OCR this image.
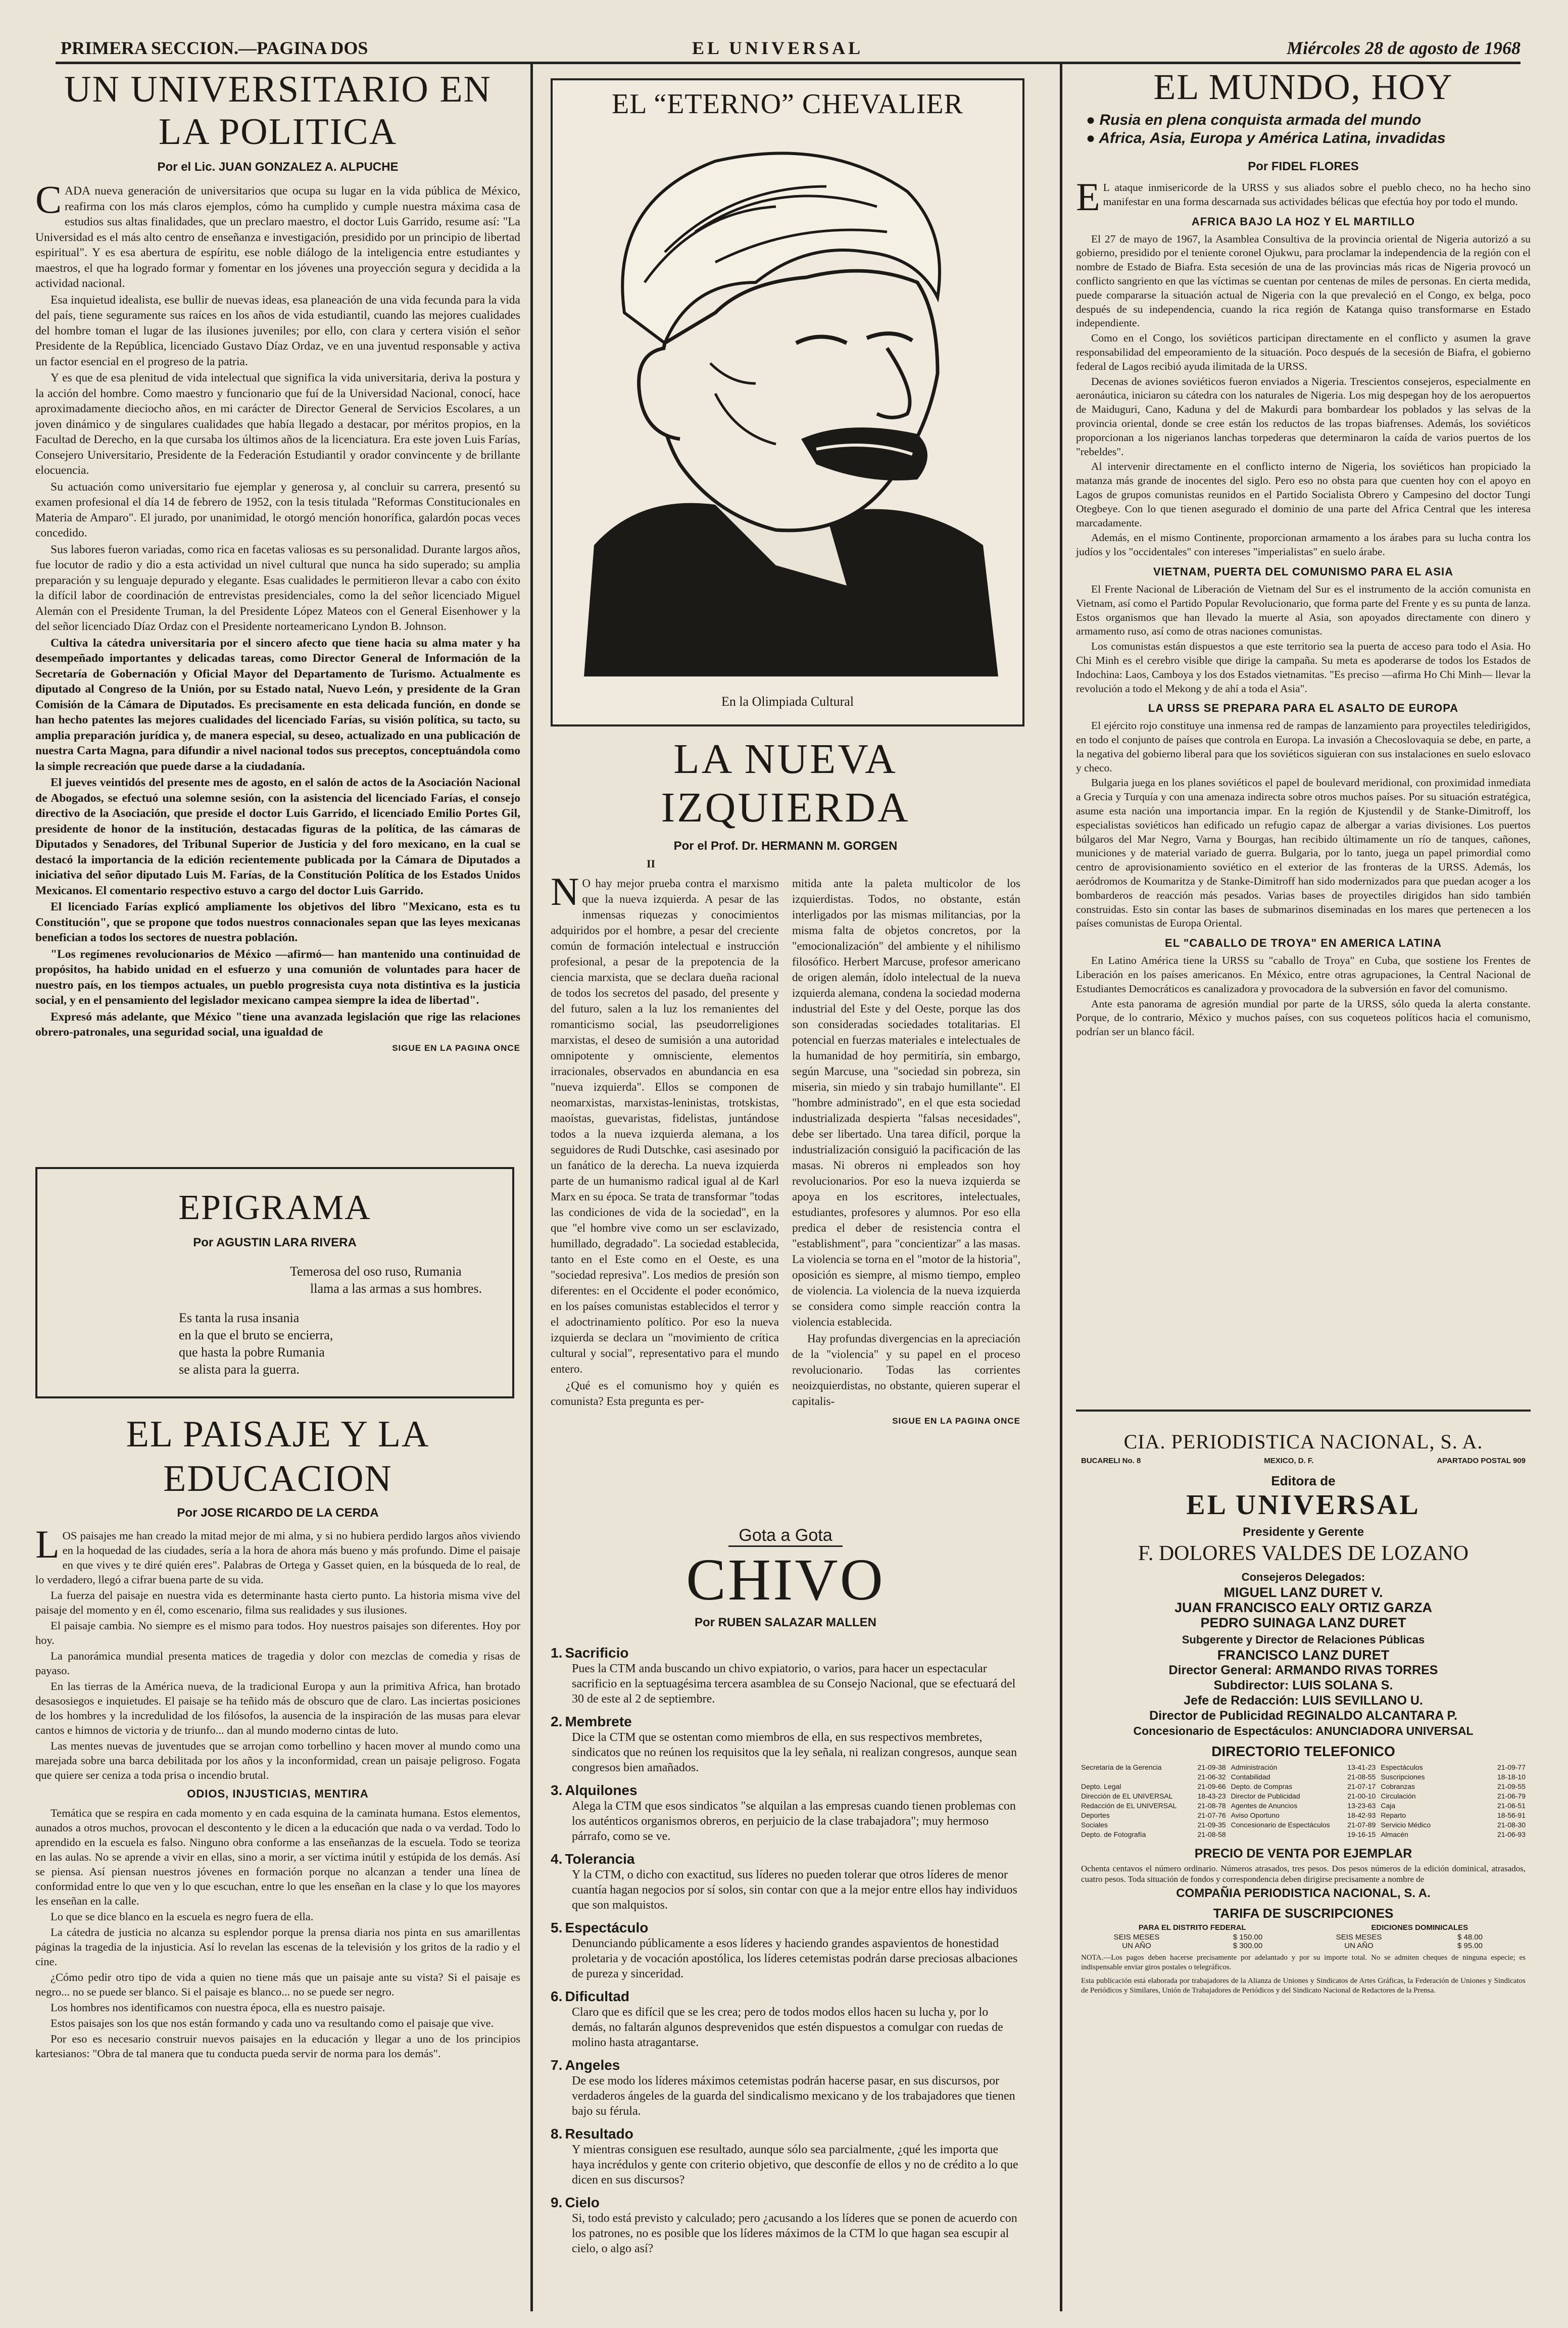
PRIMERA SECCION.—PAGINA DOS	EL UNIVERSAL	Miércoles 28 de agosto de 1968
UN UNIVERSITARIO EN LA POLITICA
Por el Lic. JUAN GONZALEZ A. ALPUCHE

CADA nueva generación de universitarios que ocupa su lugar en la vida pública de México, reafirma con los más claros ejemplos, cómo ha cumplido y cumple nuestra máxima casa de estudios sus altas finalidades, que un preclaro maestro, el doctor Luis Garrido, resume así: "La Universidad es el más alto centro de enseñanza e investigación, presidido por un principio de libertad espiritual". Y es esa abertura de espíritu, ese noble diálogo de la inteligencia entre estudiantes y maestros, el que ha logrado formar y fomentar en los jóvenes una proyección segura y decidida a la actividad nacional.

Esa inquietud idealista, ese bullir de nuevas ideas, esa planeación de una vida fecunda para la vida del país, tiene seguramente sus raíces en los años de vida estudiantil, cuando las mejores cualidades del hombre toman el lugar de las ilusiones juveniles; por ello, con clara y certera visión el señor Presidente de la República, licenciado Gustavo Díaz Ordaz, ve en una juventud responsable y activa un factor esencial en el progreso de la patria.

Y es que de esa plenitud de vida intelectual que significa la vida universitaria, deriva la postura y la acción del hombre. Como maestro y funcionario que fuí de la Universidad Nacional, conocí, hace aproximadamente dieciocho años, en mi carácter de Director General de Servicios Escolares, a un joven dinámico y de singulares cualidades que había llegado a destacar, por méritos propios, en la Facultad de Derecho, en la que cursaba los últimos años de la licenciatura. Era este joven Luis Farías, Consejero Universitario, Presidente de la Federación Estudiantil y orador convincente y de brillante elocuencia.

Su actuación como universitario fue ejemplar y generosa y, al concluir su carrera, presentó su examen profesional el día 14 de febrero de 1952, con la tesis titulada "Reformas Constitucionales en Materia de Amparo". El jurado, por unanimidad, le otorgó mención honorífica, galardón pocas veces concedido.

Sus labores fueron variadas, como rica en facetas valiosas es su personalidad. Durante largos años, fue locutor de radio y dio a esta actividad un nivel cultural que nunca ha sido superado; su amplia preparación y su lenguaje depurado y elegante. Esas cualidades le permitieron llevar a cabo con éxito la difícil labor de coordinación de entrevistas presidenciales, como la del señor licenciado Miguel Alemán con el Presidente Truman, la del Presidente López Mateos con el General Eisenhower y la del señor licenciado Díaz Ordaz con el Presidente norteamericano Lyndon B. Johnson.

Cultiva la cátedra universitaria por el sincero afecto que tiene hacia su alma mater y ha desempeñado importantes y delicadas tareas, como Director General de Información de la Secretaría de Gobernación y Oficial Mayor del Departamento de Turismo. Actualmente es diputado al Congreso de la Unión, por su Estado natal, Nuevo León, y presidente de la Gran Comisión de la Cámara de Diputados. Es precisamente en esta delicada función, en donde se han hecho patentes las mejores cualidades del licenciado Farías, su visión política, su tacto, su amplia preparación jurídica y, de manera especial, su deseo, actualizado en una publicación de nuestra Carta Magna, para difundir a nivel nacional todos sus preceptos, conceptuándola como la simple recreación que puede darse a la ciudadanía.

El jueves veintidós del presente mes de agosto, en el salón de actos de la Asociación Nacional de Abogados, se efectuó una solemne sesión, con la asistencia del licenciado Farías, el consejo directivo de la Asociación, que preside el doctor Luis Garrido, el licenciado Emilio Portes Gil, presidente de honor de la institución, destacadas figuras de la política, de las cámaras de Diputados y Senadores, del Tribunal Superior de Justicia y del foro mexicano, en la cual se destacó la importancia de la edición recientemente publicada por la Cámara de Diputados a iniciativa del señor diputado Luis M. Farías, de la Constitución Política de los Estados Unidos Mexicanos. El comentario respectivo estuvo a cargo del doctor Luis Garrido.

El licenciado Farías explicó ampliamente los objetivos del libro "Mexicano, esta es tu Constitución", que se propone que todos nuestros connacionales sepan que las leyes mexicanas benefician a todos los sectores de nuestra población.

"Los regímenes revolucionarios de México —afirmó— han mantenido una continuidad de propósitos, ha habido unidad en el esfuerzo y una comunión de voluntades para hacer de nuestro país, en los tiempos actuales, un pueblo progresista cuya nota distintiva es la justicia social, y en el pensamiento del legislador mexicano campea siempre la idea de libertad".

Expresó más adelante, que México "tiene una avanzada legislación que rige las relaciones obrero-patronales, una seguridad social, una igualdad de

SIGUE EN LA PAGINA ONCE
EPIGRAMA
Por AGUSTIN LARA RIVERA
Temerosa del oso ruso, Rumania
llama a las armas a sus hombres.
Es tanta la rusa insania
en la que el bruto se encierra,
que hasta la pobre Rumania
se alista para la guerra.
EL PAISAJE Y LA EDUCACION
Por JOSE RICARDO DE LA CERDA

LOS paisajes me han creado la mitad mejor de mi alma, y si no hubiera perdido largos años viviendo en la hoquedad de las ciudades, sería a la hora de ahora más bueno y más profundo. Dime el paisaje en que vives y te diré quién eres". Palabras de Ortega y Gasset quien, en la búsqueda de lo real, de lo verdadero, llegó a cifrar buena parte de su vida.

La fuerza del paisaje en nuestra vida es determinante hasta cierto punto. La historia misma vive del paisaje del momento y en él, como escenario, filma sus realidades y sus ilusiones.

El paisaje cambia. No siempre es el mismo para todos. Hoy nuestros paisajes son diferentes. Hoy por hoy.

La panorámica mundial presenta matices de tragedia y dolor con mezclas de comedia y risas de payaso.

En las tierras de la América nueva, de la tradicional Europa y aun la primitiva Africa, han brotado desasosiegos e inquietudes. El paisaje se ha teñido más de obscuro que de claro. Las inciertas posiciones de los hombres y la incredulidad de los filósofos, la ausencia de la inspiración de las musas para elevar cantos e himnos de victoria y de triunfo... dan al mundo moderno cintas de luto.

Las mentes nuevas de juventudes que se arrojan como torbellino y hacen mover al mundo como una marejada sobre una barca debilitada por los años y la inconformidad, crean un paisaje peligroso. Fogata que quiere ser ceniza a toda prisa o incendio brutal.

ODIOS, INJUSTICIAS, MENTIRA

Temática que se respira en cada momento y en cada esquina de la caminata humana. Estos elementos, aunados a otros muchos, provocan el descontento y le dicen a la educación que nada o va verdad. Todo lo aprendido en la escuela es falso. Ninguno obra conforme a las enseñanzas de la escuela. Todo se teoriza en las aulas. No se aprende a vivir en ellas, sino a morir, a ser víctima inútil y estúpida de los demás. Así se piensa. Así piensan nuestros jóvenes en formación porque no alcanzan a tender una línea de conformidad entre lo que ven y lo que escuchan, entre lo que les enseñan en la clase y lo que los mayores les enseñan en la calle.

Lo que se dice blanco en la escuela es negro fuera de ella.

La cátedra de justicia no alcanza su esplendor porque la prensa diaria nos pinta en sus amarillentas páginas la tragedia de la injusticia. Así lo revelan las escenas de la televisión y los gritos de la radio y el cine.

¿Cómo pedir otro tipo de vida a quien no tiene más que un paisaje ante su vista? Si el paisaje es negro... no se puede ser blanco. Si el paisaje es blanco... no se puede ser negro.

Los hombres nos identificamos con nuestra época, ella es nuestro paisaje.

Estos paisajes son los que nos están formando y cada uno va resultando como el paisaje que vive.

Por eso es necesario construir nuevos paisajes en la educación y llegar a uno de los principios kartesianos: "Obra de tal manera que tu conducta pueda servir de norma para los demás".

EL “ETERNO” CHEVALIER
DAVID CARRILLO 68
En la Olimpiada Cultural
LA NUEVA IZQUIERDA
Por el Prof. Dr. HERMANN M. GORGEN
II

NO hay mejor prueba contra el marxismo que la nueva izquierda. A pesar de las inmensas riquezas y conocimientos adquiridos por el hombre, a pesar del creciente común de formación intelectual e instrucción profesional, a pesar de la prepotencia de la ciencia marxista, que se declara dueña racional de todos los secretos del pasado, del presente y del futuro, salen a la luz los remanientes del romanticismo social, las pseudorreligiones marxistas, el deseo de sumisión a una autoridad omnipotente y omnisciente, elementos irracionales, observados en abundancia en esa "nueva izquierda". Ellos se componen de neomarxistas, marxistas-leninistas, trotskistas, maoístas, guevaristas, fidelistas, juntándose todos a la nueva izquierda alemana, a los seguidores de Rudi Dutschke, casi asesinado por un fanático de la derecha. La nueva izquierda parte de un humanismo radical igual al de Karl Marx en su época. Se trata de transformar "todas las condiciones de vida de la sociedad", en la que "el hombre vive como un ser esclavizado, humillado, degradado". La sociedad establecida, tanto en el Este como en el Oeste, es una "sociedad represiva". Los medios de presión son diferentes: en el Occidente el poder económico, en los países comunistas establecidos el terror y el adoctrinamiento político. Por eso la nueva izquierda se declara un "movimiento de crítica cultural y social", representativo para el mundo entero.

¿Qué es el comunismo hoy y quién es comunista? Esta pregunta es per-

mitida ante la paleta multicolor de los izquierdistas. Todos, no obstante, están interligados por las mismas militancias, por la misma falta de objetos concretos, por la "emocionalización" del ambiente y el nihilismo filosófico. Herbert Marcuse, profesor americano de origen alemán, ídolo intelectual de la nueva izquierda alemana, condena la sociedad moderna industrial del Este y del Oeste, porque las dos son consideradas sociedades totalitarias. El potencial en fuerzas materiales e intelectuales de la humanidad de hoy permitiría, sin embargo, según Marcuse, una "sociedad sin pobreza, sin miseria, sin miedo y sin trabajo humillante". El "hombre administrado", en el que esta sociedad industrializada despierta "falsas necesidades", debe ser libertado. Una tarea difícil, porque la industrialización consiguió la pacificación de las masas. Ni obreros ni empleados son hoy revolucionarios. Por eso la nueva izquierda se apoya en los escritores, intelectuales, estudiantes, profesores y alumnos. Por eso ella predica el deber de resistencia contra el "establishment", para "concientizar" a las masas. La violencia se torna en el "motor de la historia", oposición es siempre, al mismo tiempo, empleo de violencia. La violencia de la nueva izquierda se considera como simple reacción contra la violencia establecida.

Hay profundas divergencias en la apreciación de la "violencia" y su papel en el proceso revolucionario. Todas las corrientes neoizquierdistas, no obstante, quieren superar el capitalis-

SIGUE EN LA PAGINA ONCE
Gota a Gota
CHIVO
Por RUBEN SALAZAR MALLEN
1. Sacrificio
Pues la CTM anda buscando un chivo expiatorio, o varios, para hacer un espectacular sacrificio en la septuagésima tercera asamblea de su Consejo Nacional, que se efectuará del 30 de este al 2 de septiembre.
2. Membrete
Dice la CTM que se ostentan como miembros de ella, en sus respectivos membretes, sindicatos que no reúnen los requisitos que la ley señala, ni realizan congresos, aunque sean congresos bien amañados.
3. Alquilones
Alega la CTM que esos sindicatos "se alquilan a las empresas cuando tienen problemas con los auténticos organismos obreros, en perjuicio de la clase trabajadora"; muy hermoso párrafo, como se ve.
4. Tolerancia
Y la CTM, o dicho con exactitud, sus líderes no pueden tolerar que otros líderes de menor cuantía hagan negocios por sí solos, sin contar con que a la mejor entre ellos hay individuos que son malquistos.
5. Espectáculo
Denunciando públicamente a esos líderes y haciendo grandes aspavientos de honestidad proletaria y de vocación apostólica, los líderes cetemistas podrán darse preciosas albaciones de pureza y sinceridad.
6. Dificultad
Claro que es difícil que se les crea; pero de todos modos ellos hacen su lucha y, por lo demás, no faltarán algunos desprevenidos que estén dispuestos a comulgar con ruedas de molino hasta atragantarse.
7. Angeles
De ese modo los líderes máximos cetemistas podrán hacerse pasar, en sus discursos, por verdaderos ángeles de la guarda del sindicalismo mexicano y de los trabajadores que tienen bajo su férula.
8. Resultado
Y mientras consiguen ese resultado, aunque sólo sea parcialmente, ¿qué les importa que haya incrédulos y gente con criterio objetivo, que desconfíe de ellos y no de crédito a lo que dicen en sus discursos?
9. Cielo
Si, todo está previsto y calculado; pero ¿acusando a los líderes que se ponen de acuerdo con los patrones, no es posible que los líderes máximos de la CTM lo que hagan sea escupir al cielo, o algo así?
EL MUNDO, HOY
● Rusia en plena conquista armada del mundo
● Africa, Asia, Europa y América Latina, invadidas
Por FIDEL FLORES

EL ataque inmisericorde de la URSS y sus aliados sobre el pueblo checo, no ha hecho sino manifestar en una forma descarnada sus actividades bélicas que efectúa hoy por todo el mundo.

AFRICA BAJO LA HOZ Y EL MARTILLO

El 27 de mayo de 1967, la Asamblea Consultiva de la provincia oriental de Nigeria autorizó a su gobierno, presidido por el teniente coronel Ojukwu, para proclamar la independencia de la región con el nombre de Estado de Biafra. Esta secesión de una de las provincias más ricas de Nigeria provocó un conflicto sangriento en que las víctimas se cuentan por centenas de miles de personas. En cierta medida, puede compararse la situación actual de Nigeria con la que prevaleció en el Congo, ex belga, poco después de su independencia, cuando la rica región de Katanga quiso transformarse en Estado independiente.

Como en el Congo, los soviéticos participan directamente en el conflicto y asumen la grave responsabilidad del empeoramiento de la situación. Poco después de la secesión de Biafra, el gobierno federal de Lagos recibió ayuda ilimitada de la URSS.

Decenas de aviones soviéticos fueron enviados a Nigeria. Trescientos consejeros, especialmente en aeronáutica, iniciaron su cátedra con los naturales de Nigeria. Los mig despegan hoy de los aeropuertos de Maiduguri, Cano, Kaduna y del de Makurdi para bombardear los poblados y las selvas de la provincia oriental, donde se cree están los reductos de las tropas biafrenses. Además, los soviéticos proporcionan a los nigerianos lanchas torpederas que determinaron la caída de varios puertos de los "rebeldes".

Al intervenir directamente en el conflicto interno de Nigeria, los soviéticos han propiciado la matanza más grande de inocentes del siglo. Pero eso no obsta para que cuenten hoy con el apoyo en Lagos de grupos comunistas reunidos en el Partido Socialista Obrero y Campesino del doctor Tungi Otegbeye. Con lo que tienen asegurado el dominio de una parte del Africa Central que les interesa marcadamente.

Además, en el mismo Continente, proporcionan armamento a los árabes para su lucha contra los judíos y los "occidentales" con intereses "imperialistas" en suelo árabe.

VIETNAM, PUERTA DEL COMUNISMO PARA EL ASIA

El Frente Nacional de Liberación de Vietnam del Sur es el instrumento de la acción comunista en Vietnam, así como el Partido Popular Revolucionario, que forma parte del Frente y es su punta de lanza. Estos organismos que han llevado la muerte al Asia, son apoyados directamente con dinero y armamento ruso, así como de otras naciones comunistas.

Los comunistas están dispuestos a que este territorio sea la puerta de acceso para todo el Asia. Ho Chi Minh es el cerebro visible que dirige la campaña. Su meta es apoderarse de todos los Estados de Indochina: Laos, Camboya y los dos Estados vietnamitas. "Es preciso —afirma Ho Chi Minh— llevar la revolución a todo el Mekong y de ahí a toda el Asia".

LA URSS SE PREPARA PARA EL ASALTO DE EUROPA

El ejército rojo constituye una inmensa red de rampas de lanzamiento para proyectiles teledirigidos, en todo el conjunto de países que controla en Europa. La invasión a Checoslovaquia se debe, en parte, a la negativa del gobierno liberal para que los soviéticos siguieran con sus instalaciones en suelo eslovaco y checo.

Bulgaria juega en los planes soviéticos el papel de boulevard meridional, con proximidad inmediata a Grecia y Turquía y con una amenaza indirecta sobre otros muchos países. Por su situación estratégica, asume esta nación una importancia impar. En la región de Kjustendil y de Stanke-Dimitroff, los especialistas soviéticos han edificado un refugio capaz de albergar a varias divisiones. Los puertos búlgaros del Mar Negro, Varna y Bourgas, han recibido últimamente un río de tanques, cañones, municiones y de material variado de guerra. Bulgaria, por lo tanto, juega un papel primordial como centro de aprovisionamiento soviético en el exterior de las fronteras de la URSS. Además, los aeródromos de Koumaritza y de Stanke-Dimitroff han sido modernizados para que puedan acoger a los bombarderos de reacción más pesados. Varias bases de proyectiles dirigidos han sido también construidas. Esto sin contar las bases de submarinos diseminadas en los mares que pertenecen a los países comunistas de Europa Oriental.

EL "CABALLO DE TROYA" EN AMERICA LATINA

En Latino América tiene la URSS su "caballo de Troya" en Cuba, que sostiene los Frentes de Liberación en los países americanos. En México, entre otras agrupaciones, la Central Nacional de Estudiantes Democráticos es canalizadora y provocadora de la subversión en favor del comunismo.

Ante esta panorama de agresión mundial por parte de la URSS, sólo queda la alerta constante. Porque, de lo contrario, México y muchos países, con sus coqueteos políticos hacia el comunismo, podrían ser un blanco fácil.

CIA. PERIODISTICA NACIONAL, S. A.
BUCARELI No. 8	MEXICO, D. F.	APARTADO POSTAL 909
Editora de
EL UNIVERSAL
Presidente y Gerente
F. DOLORES VALDES DE LOZANO
Consejeros Delegados:
MIGUEL LANZ DURET V.
JUAN FRANCISCO EALY ORTIZ GARZA
PEDRO SUINAGA LANZ DURET
Subgerente y Director de Relaciones Públicas
FRANCISCO LANZ DURET
Director General: ARMANDO RIVAS TORRES
Subdirector: LUIS SOLANA S.
Jefe de Redacción: LUIS SEVILLANO U.
Director de Publicidad REGINALDO ALCANTARA P.
Concesionario de Espectáculos: ANUNCIADORA UNIVERSAL
DIRECTORIO TELEFONICO
Secretaría de la Gerencia	21-09-38 Administración	13-41-23 Espectáculos	21-09-77
21-06-32 Contabilidad	21-08-55 Suscripciones	18-18-10
Depto. Legal	21-09-66 Depto. de Compras	21-07-17 Cobranzas	21-09-55
Dirección de EL UNIVERSAL	18-43-23 Director de Publicidad	21-00-10 Circulación	21-06-79
Redacción de EL UNIVERSAL	21-08-78 Agentes de Anuncios	13-23-63 Caja	21-06-51
Deportes	21-07-76 Aviso Oportuno	18-42-93 Reparto	18-56-91
Sociales	21-09-35 Concesionario de Espectáculos	21-07-89 Servicio Médico	21-08-30
Depto. de Fotografía	21-08-58	19-16-15 Almacén	21-06-93
PRECIO DE VENTA POR EJEMPLAR
Ochenta centavos el número ordinario. Números atrasados, tres pesos. Dos pesos números de la edición dominical, atrasados, cuatro pesos. Toda situación de fondos y correspondencia deben dirigirse precisamente a nombre de
COMPAÑIA PERIODISTICA NACIONAL, S. A.
TARIFA DE SUSCRIPCIONES
EDICIONES DOMINICALES
PARA EL DISTRITO FEDERAL
SEIS MESES	$ 150.00	SEIS MESES	$ 48.00
UN AÑO	$ 300.00	UN AÑO	$ 95.00
NOTA.—Los pagos deben hacerse precisamente por adelantado y por su importe total. No se admiten cheques de ninguna especie; es indispensable enviar giros postales o telegráficos.
Esta publicación está elaborada por trabajadores de la Alianza de Uniones y Sindicatos de Artes Gráficas, la Federación de Uniones y Sindicatos de Periódicos y Similares, Unión de Trabajadores de Periódicos y del Sindicato Nacional de Redactores de la Prensa.
